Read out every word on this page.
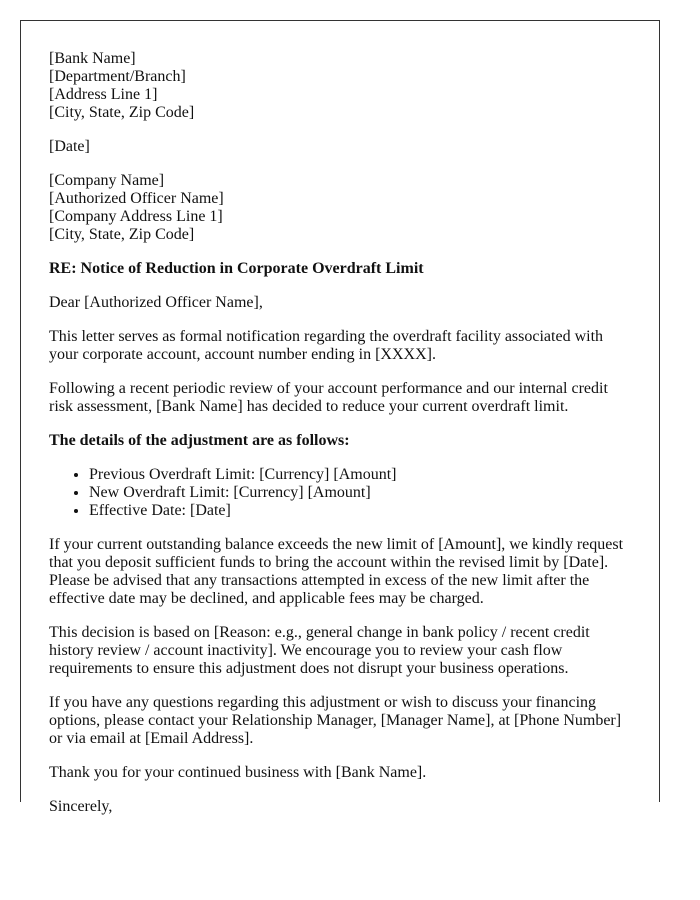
[Bank Name]
[Department/Branch]
[Address Line 1]
[City, State, Zip Code]

[Date]

[Company Name]
[Authorized Officer Name]
[Company Address Line 1]
[City, State, Zip Code]

RE: Notice of Reduction in Corporate Overdraft Limit

Dear [Authorized Officer Name],

This letter serves as formal notification regarding the overdraft facility associated with your corporate account, account number ending in [XXXX].

Following a recent periodic review of your account performance and our internal credit risk assessment, [Bank Name] has decided to reduce your current overdraft limit.

The details of the adjustment are as follows:

• Previous Overdraft Limit: [Currency] [Amount]
• New Overdraft Limit: [Currency] [Amount]
• Effective Date: [Date]

If your current outstanding balance exceeds the new limit of [Amount], we kindly request that you deposit sufficient funds to bring the account within the revised limit by [Date]. Please be advised that any transactions attempted in excess of the new limit after the effective date may be declined, and applicable fees may be charged.

This decision is based on [Reason: e.g., general change in bank policy / recent credit history review / account inactivity]. We encourage you to review your cash flow requirements to ensure this adjustment does not disrupt your business operations.

If you have any questions regarding this adjustment or wish to discuss your financing options, please contact your Relationship Manager, [Manager Name], at [Phone Number] or via email at [Email Address].

Thank you for your continued business with [Bank Name].

Sincerely,
